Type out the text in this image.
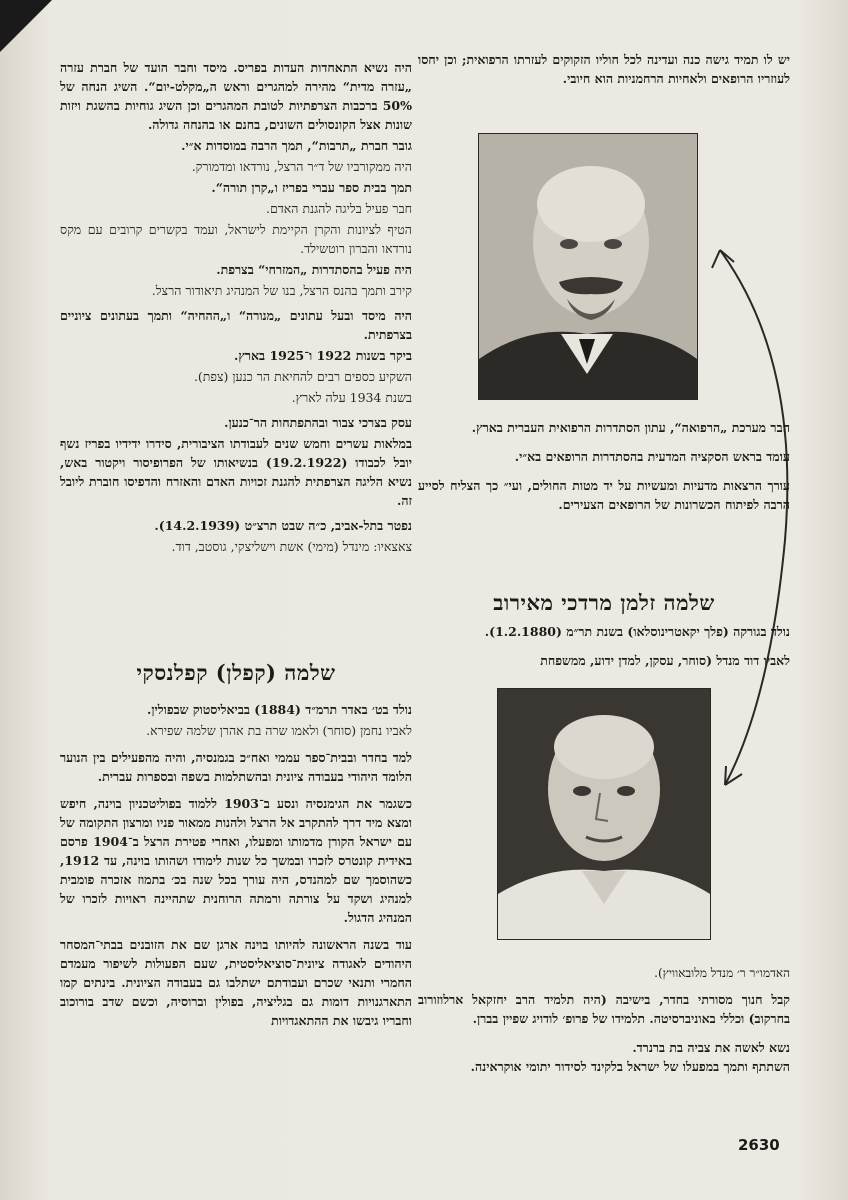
יש לו תמיד גישה כנה ועדינה לכל חוליו הזקוקים לעזרתו הרפואית; וכן יחסו לעוזריו הרופאים ולאחיות הרחמניות הוא חיובי.

חבר מערכת „הרפואה“, עתון הסתדרות הרפואית העברית בארץ.

עומד בראש הסקציה המדעית בהסתדרות הרופאים בא״י.

עורך הרצאות מדעיות ומעשיות על יד מטות החולים, ועי״ כך הצליח לסייע הרבה לפיתוח הכשרונות של הרופאים הצעירים.

שלמה זלמן מרדכי מאירוב

נולד בגורקה (פלך יקאטרינוסלאו) בשנת תר״מ (1.2.1880).

לאביו דוד מנדל (סוחר, עסקן, למדן ידוע, ממשפחת

האדמו״ר ר׳ מנדל מלובאוויץ).

קבל חנוך מסורתי בחדר, בישיבה (היה תלמיד הרב יחזקאל ארלוזורוב בחרקוב) וכללי באוניברסיטה. תלמידו של פרופ׳ לודויג שפיין בברן.

נשא לאשה את צביה בת ברנרד.

השתתף ותמך במפעלו של ישראל בלקינד לסידור יתומי אוקראינה.

היה נשיא התאחדות העדות בפריס. מיסד וחבר הועד של חברת עזרה „עזרה מדית“ מהירה למהגרים וראש ה„מקלט-יום“. השיג הנחה של 50% ברכבות הצרפתיות לטובת המהגרים וכן השיג גוחיות בהשגת ויזות שונות אצל הקונסולים השונים, בחנם או בהנחה גדולה.

גובר חברת „תרבות“, תמך הרבה במוסדות א״י.

היה ממקורביו של ד״ר הרצל, נורדאו ומדמורק.

תמך בבית ספר עברי בפריז ו„קרן תורה“.

חבר פעיל בליגה להגנת האדם.

הטיף לציונות והקרן הקיימת לישראל, ועמד בקשרים קרובים עם מקס נורדאו והברון רוטשילד.

היה פעיל בהסתדרות „המזרחי“ בצרפת.

קירב ותמך בהנס הרצל, בנו של המנהיג תיאודור הרצל.

היה מיסד ובעל עתונים „מנורה“ ו„ההחיה“ ותמך בעתונים ציוניים בצרפתית.

ביקר בשנות 1922 ו־1925 בארץ.

השקיע כספים רבים להחיאת הר כנען (צפת).

בשנת 1934 עלה לארץ.

עסק בצרכי צבור ובהתפתחות הר־כנען.

במלאות עשרים וחמש שנים לעבודתו הציבורית, סידרו ידידיו בפריז נשף יובל לכבודו (19.2.1922) בנשיאותו של הפרופיסור ויקטור באש, נשיא הליגה הצרפתית להגנת זכויות האדם והאזרח והדפיסו חוברת ליובל זה.

נפטר בתל-אביב, כ״ה שבט תרצ״ט (14.2.1939).

צאצאיו: מינדל (מימי) אשת וישליצקי, גוסטב, דוד.

שלמה (קפלן) קפלנסקי

נולד בט׳ באדר תרמ״ד (1884) בביאליסטוק שבפולין.

לאביו נחמן (סוחר) ולאמו שרה בת אהרן שלמה שפירא.

למד בחדר ובבית־ספר עממי ואח״כ בגמנסיה, והיה מהפעילים בין הנוער הלומד היהודי בעבודה ציונית ובהשתלמות בשפה ובספרות עברית.

כשגמר את הגימנסיה ונסע ב־1903 ללמוד בפוליטכניון בוינה, חיפש ומצא מיד דרך להתקרב אל הרצל ולהנות ממאור פניו ומרצון התקומה של עם ישראל הקורן מדמותו ומפעלו, ואחרי פטירת הרצל ב־1904 פרסם באידית קונטרס לזכרו ובמשך כל שנות לימודו ושהותו בוינה, עד 1912, כשהוסמך שם למהנדס, היה עורך בכל שנה בכ׳ בתמוז אזכרה פומבית למנהיג ושקד על צורתה ורמתה הרוחנית שתהיינה ראויות לזכרו של המנהיג הדגול.

עוד בשנה הראשונה להיותו בוינה ארגן שם את הזובנים בבתי־המסחר היהודים לאגודה ציונית־סוציאליסטית, שעם הפעולות לשיפור מעמדם החמרי ותנאי שכרם ועבודתם ישתלבו גם בעבודה הציונית. בינתים קמו התארגנויות דומות גם בגליציה, בפולין וברוסיה, וכשם שדב בורוכוב וחבריו גיבשו את ההתאגדויות

2630
